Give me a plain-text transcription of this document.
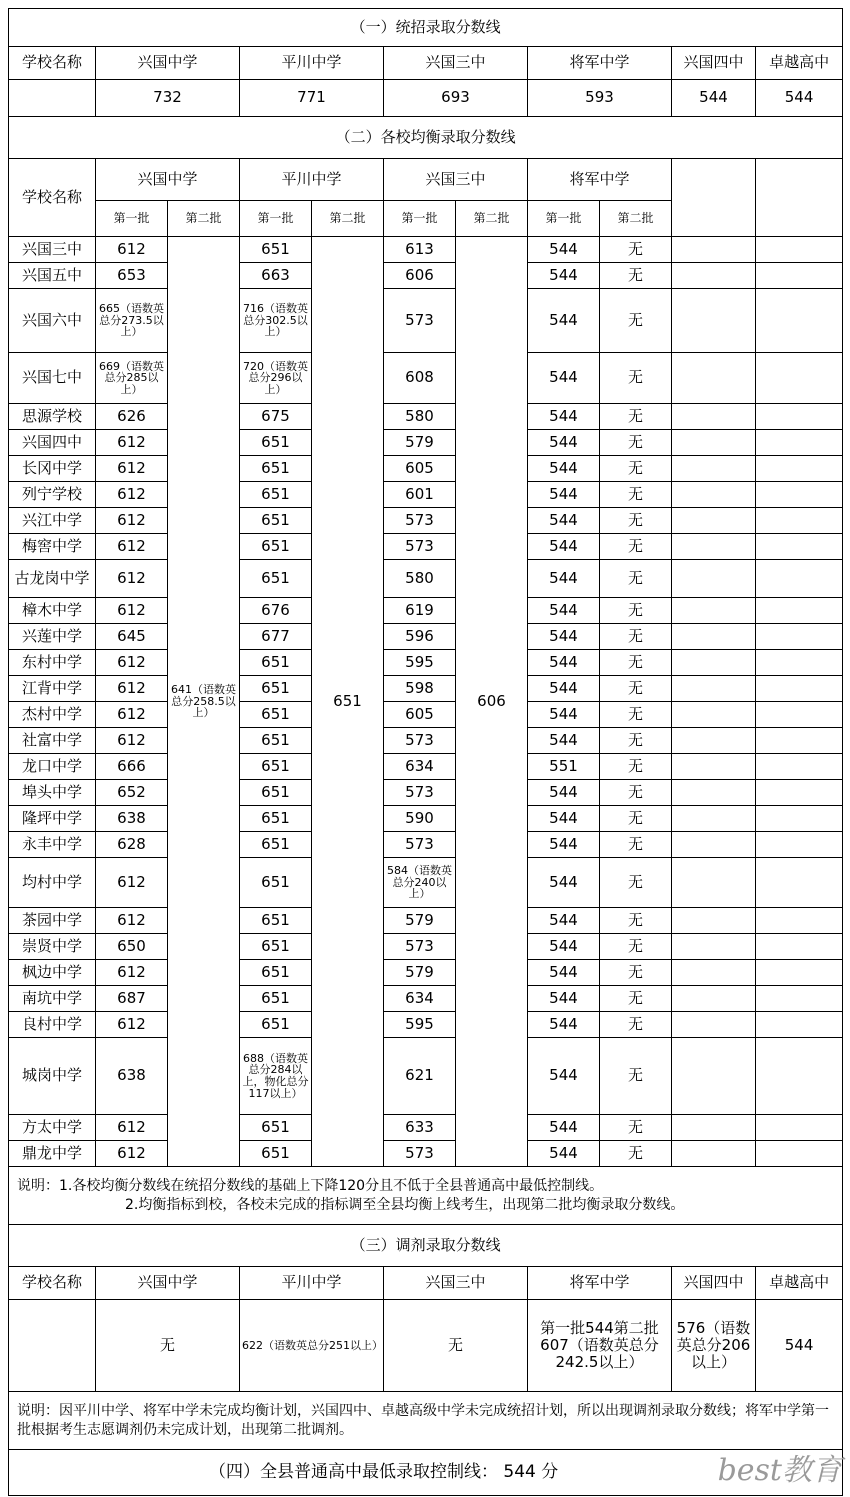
（一）统招录取分数线										
学校名称	兴国中学		平川中学		兴国三中		将军中学		兴国四中	卓越高中
	732		771		693		593		544	544
（二）各校均衡录取分数线										
学校名称	兴国中学		平川中学		兴国三中		将军中学			
	第一批	第二批	第一批	第二批	第一批	第二批	第一批	第二批		
兴国三中	612	641（语数英总分258.5以上）	651	651	613	606	544	无		
兴国五中	653		663		606		544	无		
兴国六中	665（语数英总分273.5以上）		716（语数英总分302.5以上）		573		544	无		
兴国七中	669（语数英总分285以上）		720（语数英总分296以上）		608		544	无		
思源学校	626		675		580		544	无		
兴国四中	612		651		579		544	无		
长冈中学	612		651		605		544	无		
列宁学校	612		651		601		544	无		
兴江中学	612		651		573		544	无		
梅窖中学	612		651		573		544	无		
古龙岗中学	612		651		580		544	无		
樟木中学	612		676		619		544	无		
兴莲中学	645		677		596		544	无		
东村中学	612		651		595		544	无		
江背中学	612		651		598		544	无		
杰村中学	612		651		605		544	无		
社富中学	612		651		573		544	无		
龙口中学	666		651		634		551	无		
埠头中学	652		651		573		544	无		
隆坪中学	638		651		590		544	无		
永丰中学	628		651		573		544	无		
均村中学	612		651		584（语数英总分240以上）		544	无		
茶园中学	612		651		579		544	无		
崇贤中学	650		651		573		544	无		
枫边中学	612		651		579		544	无		
南坑中学	687		651		634		544	无		
良村中学	612		651		595		544	无		
城岗中学	638		688（语数英总分284以上，物化总分117以上）		621		544	无		
方太中学	612		651		633		544	无		
鼎龙中学	612		651		573		544	无		

说明：1.各校均衡分数线在统招分数线的基础上下降120分且不低于全县普通高中最低控制线。
2.均衡指标到校，各校未完成的指标调至全县均衡上线考生，出现第二批均衡录取分数线。										

（三）调剂录取分数线										
学校名称	兴国中学		平川中学		兴国三中		将军中学		兴国四中	卓越高中
	无		622（语数英总分251以上）		无		第一批544第二批607（语数英总分242.5以上）		576（语数英总分206以上）	544
说明：因平川中学、将军中学未完成均衡计划，兴国四中、卓越高级中学未完成统招计划，所以出现调剂录取分数线；将军中学第一批根据考生志愿调剂仍未完成计划，出现第二批调剂。										
（四）全县普通高中最低录取控制线： 544 分											best教育
